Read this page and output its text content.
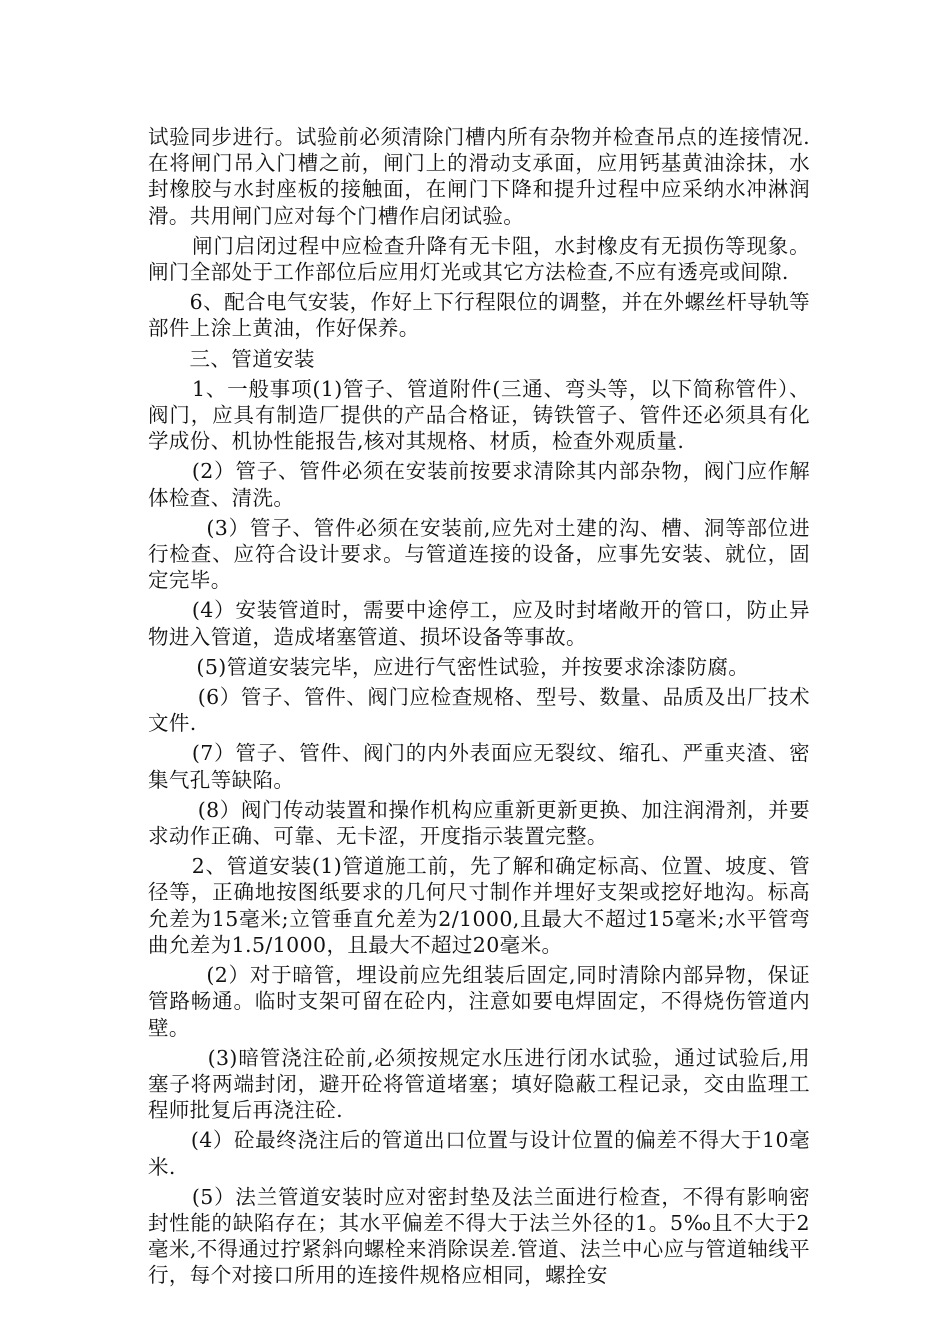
试验同步进行。试验前必须清除门槽内所有杂物并检查吊点的连接情况.在将闸门吊入门槽之前，闸门上的滑动支承面，应用钙基黄油涂抹，水封橡胶与水封座板的接触面，在闸门下降和提升过程中应采纳水冲淋润滑。共用闸门应对每个门槽作启闭试验。

闸门启闭过程中应检查升降有无卡阻，水封橡皮有无损伤等现象。闸门全部处于工作部位后应用灯光或其它方法检查,不应有透亮或间隙.

6、配合电气安装，作好上下行程限位的调整，并在外螺丝杆导轨等部件上涂上黄油，作好保养。

三、管道安装

1、一般事项(1)管子、管道附件(三通、弯头等，以下简称管件）、阀门，应具有制造厂提供的产品合格证，铸铁管子、管件还必须具有化学成份、机协性能报告,核对其规格、材质，检查外观质量.

(2）管子、管件必须在安装前按要求清除其内部杂物，阀门应作解体检查、清洗。

(3）管子、管件必须在安装前,应先对土建的沟、槽、洞等部位进行检查、应符合设计要求。与管道连接的设备，应事先安装、就位，固定完毕。

(4）安装管道时，需要中途停工，应及时封堵敞开的管口，防止异物进入管道，造成堵塞管道、损坏设备等事故。

(5)管道安装完毕，应进行气密性试验，并按要求涂漆防腐。

(6）管子、管件、阀门应检查规格、型号、数量、品质及出厂技术文件.

(7）管子、管件、阀门的内外表面应无裂纹、缩孔、严重夹渣、密集气孔等缺陷。

(8）阀门传动装置和操作机构应重新更新更换、加注润滑剂，并要求动作正确、可靠、无卡涩，开度指示装置完整。

2、管道安装(1)管道施工前，先了解和确定标高、位置、坡度、管径等，正确地按图纸要求的几何尺寸制作并埋好支架或挖好地沟。标高允差为15毫米;立管垂直允差为2/1000,且最大不超过15毫米;水平管弯曲允差为1.5/1000，且最大不超过20毫米。

(2）对于暗管，埋设前应先组装后固定,同时清除内部异物，保证管路畅通。临时支架可留在砼内，注意如要电焊固定，不得烧伤管道内壁。

(3)暗管浇注砼前,必须按规定水压进行闭水试验，通过试验后,用塞子将两端封闭，避开砼将管道堵塞；填好隐蔽工程记录，交由监理工程师批复后再浇注砼.

(4）砼最终浇注后的管道出口位置与设计位置的偏差不得大于10毫米.

(5）法兰管道安装时应对密封垫及法兰面进行检查，不得有影响密封性能的缺陷存在；其水平偏差不得大于法兰外径的1。5‰且不大于2毫米,不得通过拧紧斜向螺栓来消除误差.管道、法兰中心应与管道轴线平行，每个对接口所用的连接件规格应相同，螺拴安
